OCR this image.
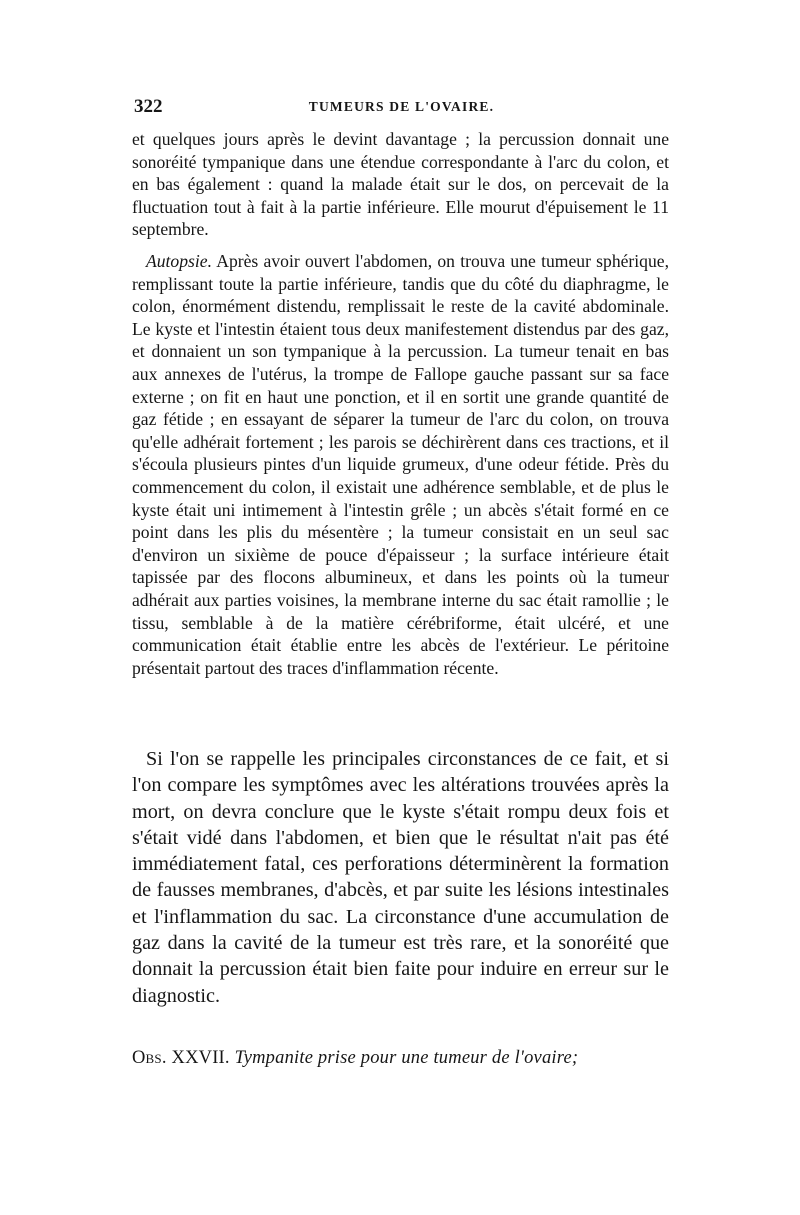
322	TUMEURS DE L'OVAIRE.

et quelques jours après le devint davantage ; la percussion donnait une sonoréité tympanique dans une étendue correspondante à l'arc du colon, et en bas également : quand la malade était sur le dos, on percevait de la fluctuation tout à fait à la partie inférieure. Elle mourut d'épuisement le 11 septembre.

Autopsie. Après avoir ouvert l'abdomen, on trouva une tumeur sphérique, remplissant toute la partie inférieure, tandis que du côté du diaphragme, le colon, énormément distendu, remplissait le reste de la cavité abdominale. Le kyste et l'intestin étaient tous deux manifestement distendus par des gaz, et donnaient un son tympanique à la percussion. La tumeur tenait en bas aux annexes de l'utérus, la trompe de Fallope gauche passant sur sa face externe ; on fit en haut une ponction, et il en sortit une grande quantité de gaz fétide ; en essayant de séparer la tumeur de l'arc du colon, on trouva qu'elle adhérait fortement ; les parois se déchirèrent dans ces tractions, et il s'écoula plusieurs pintes d'un liquide grumeux, d'une odeur fétide. Près du commencement du colon, il existait une adhérence semblable, et de plus le kyste était uni intimement à l'intestin grêle ; un abcès s'était formé en ce point dans les plis du mésentère ; la tumeur consistait en un seul sac d'environ un sixième de pouce d'épaisseur ; la surface intérieure était tapissée par des flocons albumineux, et dans les points où la tumeur adhérait aux parties voisines, la membrane interne du sac était ramollie ; le tissu, semblable à de la matière cérébriforme, était ulcéré, et une communication était établie entre les abcès de l'extérieur. Le péritoine présentait partout des traces d'inflammation récente.

Si l'on se rappelle les principales circonstances de ce fait, et si l'on compare les symptômes avec les altérations trouvées après la mort, on devra conclure que le kyste s'était rompu deux fois et s'était vidé dans l'abdomen, et bien que le résultat n'ait pas été immédiatement fatal, ces perforations déterminèrent la formation de fausses membranes, d'abcès, et par suite les lésions intestinales et l'inflammation du sac. La circonstance d'une accumulation de gaz dans la cavité de la tumeur est très rare, et la sonoréité que donnait la percussion était bien faite pour induire en erreur sur le diagnostic.

Obs. XXVII. Tympanite prise pour une tumeur de l'ovaire;
